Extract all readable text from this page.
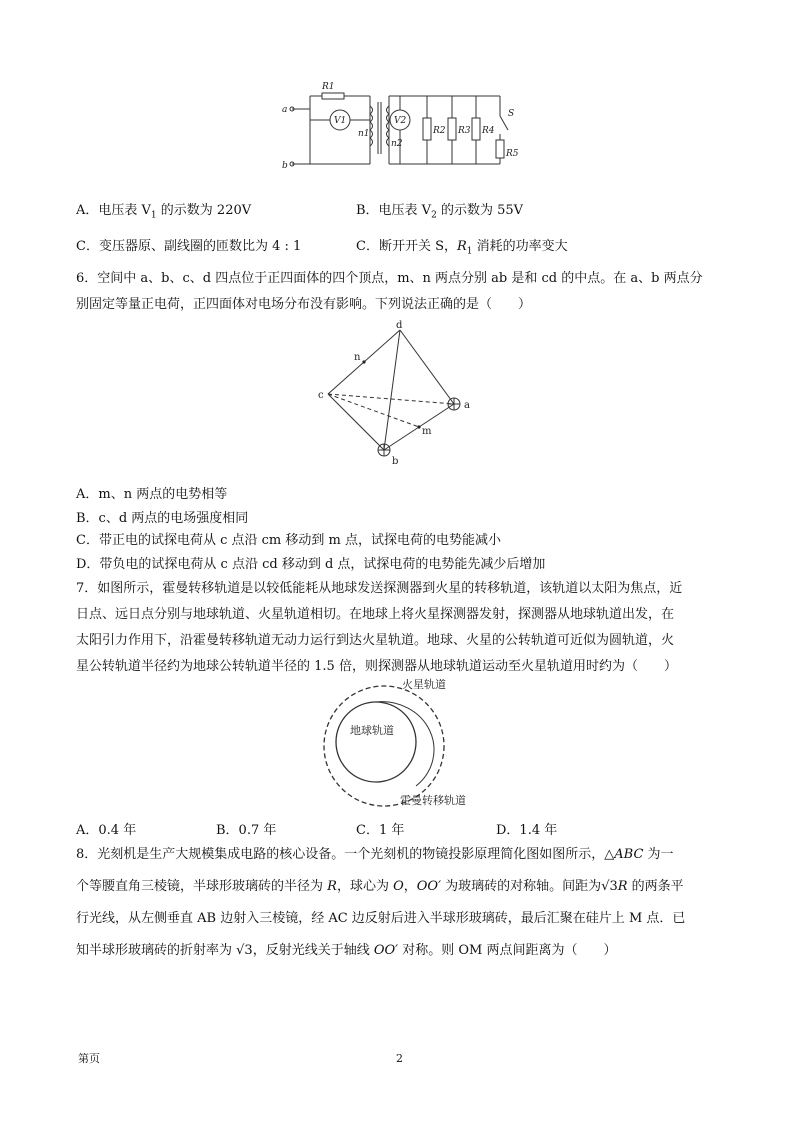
R1
a
b
V1
n1
n2
V2
R2 R3 R4
S
R5
A．电压表 $V_1$ 的示数为 220V	B．电压表 $V_2$ 的示数为 55V
C．变压器原、副线圈的匝数比为 4 : 1	C．断开开关 S，$R_1$ 消耗的功率变大
6．空间中 a、b、c、d 四点位于正四面体的四个顶点，m、n 两点分别 ab 是和 cd 的中点。在 a、b 两点分
别固定等量正电荷，正四面体对电场分布没有影响。下列说法正确的是（　　）
d
n
c
a
m
b
A．m、n 两点的电势相等
B．c、d 两点的电场强度相同
C．带正电的试探电荷从 c 点沿 cm 移动到 m 点，试探电荷的电势能减小
D．带负电的试探电荷从 c 点沿 cd 移动到 d 点，试探电荷的电势能先减少后增加
7．如图所示，霍曼转移轨道是以较低能耗从地球发送探测器到火星的转移轨道，该轨道以太阳为焦点，近
日点、远日点分别与地球轨道、火星轨道相切。在地球上将火星探测器发射，探测器从地球轨道出发，在
太阳引力作用下，沿霍曼转移轨道无动力运行到达火星轨道。地球、火星的公转轨道可近似为圆轨道，火
星公转轨道半径约为地球公转轨道半径的 1.5 倍，则探测器从地球轨道运动至火星轨道用时约为（　　）
火星轨道
地球轨道
霍曼转移轨道
A．0.4 年	B．0.7 年	C．1 年	D．1.4 年
8．光刻机是生产大规模集成电路的核心设备。一个光刻机的物镜投影原理简化图如图所示，△ABC 为一
个等腰直角三棱镜，半球形玻璃砖的半径为 R，球心为 O，OO′ 为玻璃砖的对称轴。间距为√3R 的两条平
行光线，从左侧垂直 AB 边射入三棱镜，经 AC 边反射后进入半球形玻璃砖，最后汇聚在硅片上 M 点．已
知半球形玻璃砖的折射率为 √3，反射光线关于轴线 OO′ 对称。则 OM 两点间距离为（　　）
第页	2
